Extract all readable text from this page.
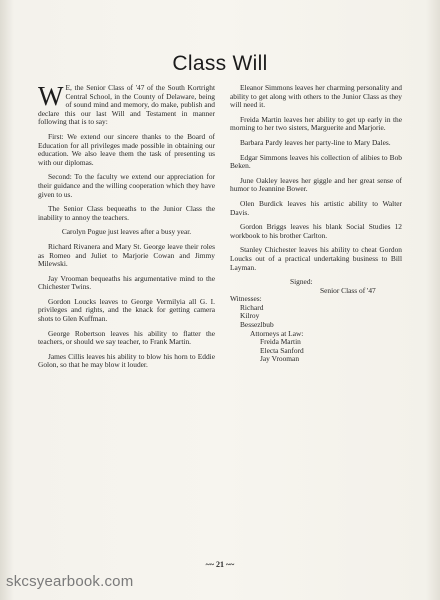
Class Will

W E, the Senior Class of '47 of the South Kortright Central School, in the County of Delaware, being of sound mind and memory, do make, publish and declare this our last Will and Testament in manner following that is to say:

First: We extend our sincere thanks to the Board of Education for all privileges made possible in obtaining our education. We also leave them the task of presenting us with our diplomas.

Second: To the faculty we extend our appreciation for their guidance and the willing cooperation which they have given to us.

The Senior Class bequeaths to the Junior Class the inability to annoy the teachers.

Carolyn Pogue just leaves after a busy year.

Richard Rivanera and Mary St. George leave their roles as Romeo and Juliet to Marjorie Cowan and Jimmy Milewski.

Jay Vrooman bequeaths his argumentative mind to the Chichester Twins.

Gordon Loucks leaves to George Vermilyia all G. I. privileges and rights, and the knack for getting camera shots to Glen Kuffman.

George Robertson leaves his ability to flatter the teachers, or should we say teacher, to Frank Martin.

James Cillis leaves his ability to blow his horn to Eddie Golon, so that he may blow it louder.

Eleanor Simmons leaves her charming personality and ability to get along with others to the Junior Class as they will need it.

Freida Martin leaves her ability to get up early in the morning to her two sisters, Marguerite and Marjorie.

Barbara Pardy leaves her party-line to Mary Dales.

Edgar Simmons leaves his collection of alibies to Bob Beken.

June Oakley leaves her giggle and her great sense of humor to Jeannine Bower.

Olen Burdick leaves his artistic ability to Walter Davis.

Gordon Briggs leaves his blank Social Studies 12 workbook to his brother Carlton.

Stanley Chichester leaves his ability to cheat Gordon Loucks out of a practical undertaking business to Bill Layman.

Signed:
Senior Class of '47
Witnesses:
Richard
Kilroy
Bessezlbub
Attorneys at Law:
Freida Martin
Electa Sanford
Jay Vrooman
~~ 21 ~~
skcsyearbook.com
